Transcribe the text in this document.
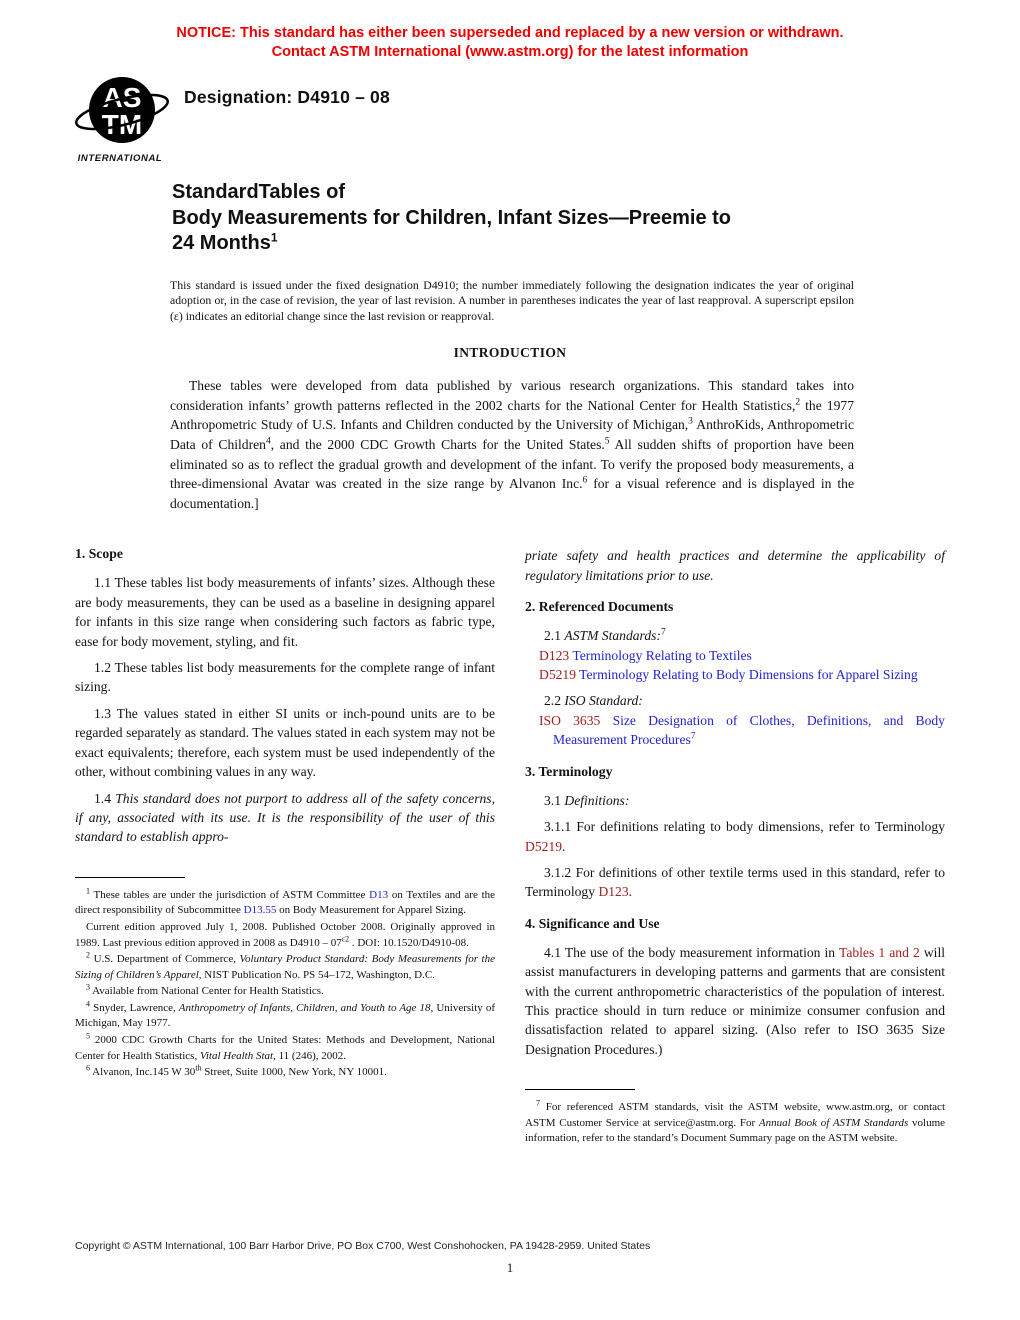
NOTICE: This standard has either been superseded and replaced by a new version or withdrawn.
Contact ASTM International (www.astm.org) for the latest information
AS
TM
INTERNATIONAL
Designation: D4910 – 08
StandardTables of
Body Measurements for Children, Infant Sizes—Preemie to
24 Months$^1$

This standard is issued under the fixed designation D4910; the number immediately following the designation indicates the year of original adoption or, in the case of revision, the year of last revision. A number in parentheses indicates the year of last reapproval. A superscript epsilon (ε) indicates an editorial change since the last revision or reapproval.

INTRODUCTION

These tables were developed from data published by various research organizations. This standard takes into consideration infants’ growth patterns reflected in the 2002 charts for the National Center for Health Statistics,$^2$ the 1977 Anthropometric Study of U.S. Infants and Children conducted by the University of Michigan,$^3$ AnthroKids, Anthropometric Data of Children$^4$, and the 2000 CDC Growth Charts for the United States.$^5$ All sudden shifts of proportion have been eliminated so as to reflect the gradual growth and development of the infant. To verify the proposed body measurements, a three-dimensional Avatar was created in the size range by Alvanon Inc.$^6$ for a visual reference and is displayed in the documentation.]

1. Scope

1.1 These tables list body measurements of infants’ sizes. Although these are body measurements, they can be used as a baseline in designing apparel for infants in this size range when considering such factors as fabric type, ease for body movement, styling, and fit.

1.2 These tables list body measurements for the complete range of infant sizing.

1.3 The values stated in either SI units or inch-pound units are to be regarded separately as standard. The values stated in each system may not be exact equivalents; therefore, each system must be used independently of the other, without combining values in any way.

1.4 This standard does not purport to address all of the safety concerns, if any, associated with its use. It is the responsibility of the user of this standard to establish appro-

$^1$ These tables are under the jurisdiction of ASTM Committee D13 on Textiles and are the direct responsibility of Subcommittee D13.55 on Body Measurement for Apparel Sizing.

Current edition approved July 1, 2008. Published October 2008. Originally approved in 1989. Last previous edition approved in 2008 as $D4910 - 07^{\varepsilon 2}$ . DOI: 10.1520/D4910-08.

$^2$ U.S. Department of Commerce, Voluntary Product Standard: Body Measurements for the Sizing of Children’s Apparel, NIST Publication No. PS 54–172, Washington, D.C.

$^3$ Available from National Center for Health Statistics.

$^4$ Snyder, Lawrence, Anthropometry of Infants, Children, and Youth to Age 18, University of Michigan, May 1977.

$^5$ 2000 CDC Growth Charts for the United States: Methods and Development, National Center for Health Statistics, Vital Health Stat, 11 (246), 2002.

$^6$ Alvanon, Inc.145 W 30th Street, Suite 1000, New York, NY 10001.

priate safety and health practices and determine the applicability of regulatory limitations prior to use.

2. Referenced Documents

2.1 ASTM Standards:$^7$

D123 Terminology Relating to Textiles

D5219 Terminology Relating to Body Dimensions for Apparel Sizing

2.2 ISO Standard:

ISO 3635 Size Designation of Clothes, Definitions, and Body Measurement Procedures$^7$

3. Terminology

3.1 Definitions:

3.1.1 For definitions relating to body dimensions, refer to Terminology D5219.

3.1.2 For definitions of other textile terms used in this standard, refer to Terminology D123.

4. Significance and Use

4.1 The use of the body measurement information in Tables 1 and 2 will assist manufacturers in developing patterns and garments that are consistent with the current anthropometric characteristics of the population of interest. This practice should in turn reduce or minimize consumer confusion and dissatisfaction related to apparel sizing. (Also refer to ISO 3635 Size Designation Procedures.)

$^7$ For referenced ASTM standards, visit the ASTM website, www.astm.org, or contact ASTM Customer Service at service@astm.org. For Annual Book of ASTM Standards volume information, refer to the standard’s Document Summary page on the ASTM website.

Copyright © ASTM International, 100 Barr Harbor Drive, PO Box C700, West Conshohocken, PA 19428-2959. United States
1
